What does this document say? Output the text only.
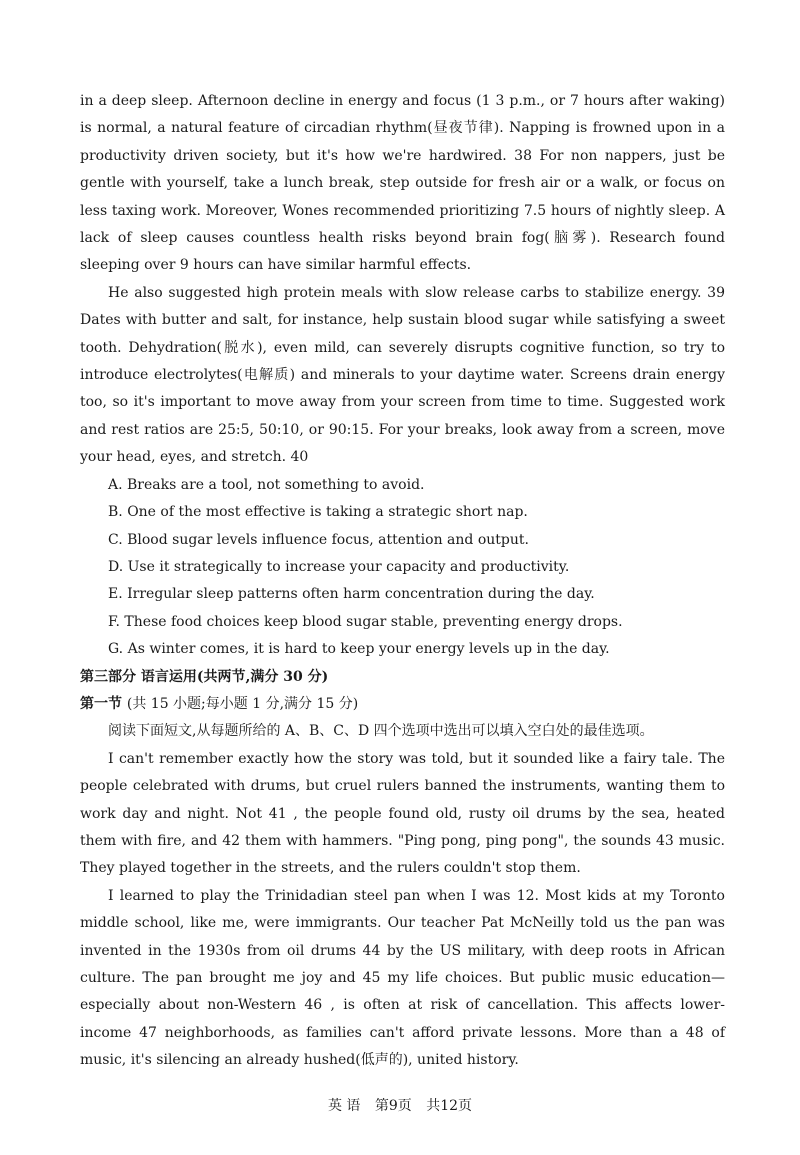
in a deep sleep. Afternoon decline in energy and focus (1 3 p.m., or 7 hours after waking) is normal, a natural feature of circadian rhythm(昼夜节律). Napping is frowned upon in a productivity driven society, but it's how we're hardwired. 38 For non nappers, just be gentle with yourself, take a lunch break, step outside for fresh air or a walk, or focus on less taxing work. Moreover, Wones recommended prioritizing 7.5 hours of nightly sleep. A lack of sleep causes countless health risks beyond brain fog(脑雾). Research found sleeping over 9 hours can have similar harmful effects.

He also suggested high protein meals with slow release carbs to stabilize energy. 39 Dates with butter and salt, for instance, help sustain blood sugar while satisfying a sweet tooth. Dehydration(脱水), even mild, can severely disrupts cognitive function, so try to introduce electrolytes(电解质) and minerals to your daytime water. Screens drain energy too, so it's important to move away from your screen from time to time. Suggested work and rest ratios are 25:5, 50:10, or 90:15. For your breaks, look away from a screen, move your head, eyes, and stretch. 40

A. Breaks are a tool, not something to avoid.

B. One of the most effective is taking a strategic short nap.

C. Blood sugar levels influence focus, attention and output.

D. Use it strategically to increase your capacity and productivity.

E. Irregular sleep patterns often harm concentration during the day.

F. These food choices keep blood sugar stable, preventing energy drops.

G. As winter comes, it is hard to keep your energy levels up in the day.

第三部分 语言运用(共两节,满分 30 分)

第一节 (共 15 小题;每小题 1 分,满分 15 分)

阅读下面短文,从每题所给的 A、B、C、D 四个选项中选出可以填入空白处的最佳选项。

I can't remember exactly how the story was told, but it sounded like a fairy tale. The people celebrated with drums, but cruel rulers banned the instruments, wanting them to work day and night. Not 41 , the people found old, rusty oil drums by the sea, heated them with fire, and 42 them with hammers. "Ping pong, ping pong", the sounds 43 music. They played together in the streets, and the rulers couldn't stop them.

I learned to play the Trinidadian steel pan when I was 12. Most kids at my Toronto middle school, like me, were immigrants. Our teacher Pat McNeilly told us the pan was invented in the 1930s from oil drums 44 by the US military, with deep roots in African culture. The pan brought me joy and 45 my life choices. But public music education—especially about non-Western 46 , is often at risk of cancellation. This affects lower-income 47 neighborhoods, as families can't afford private lessons. More than a 48 of music, it's silencing an already hushed(低声的), united history.

英 语 第9页 共12页
